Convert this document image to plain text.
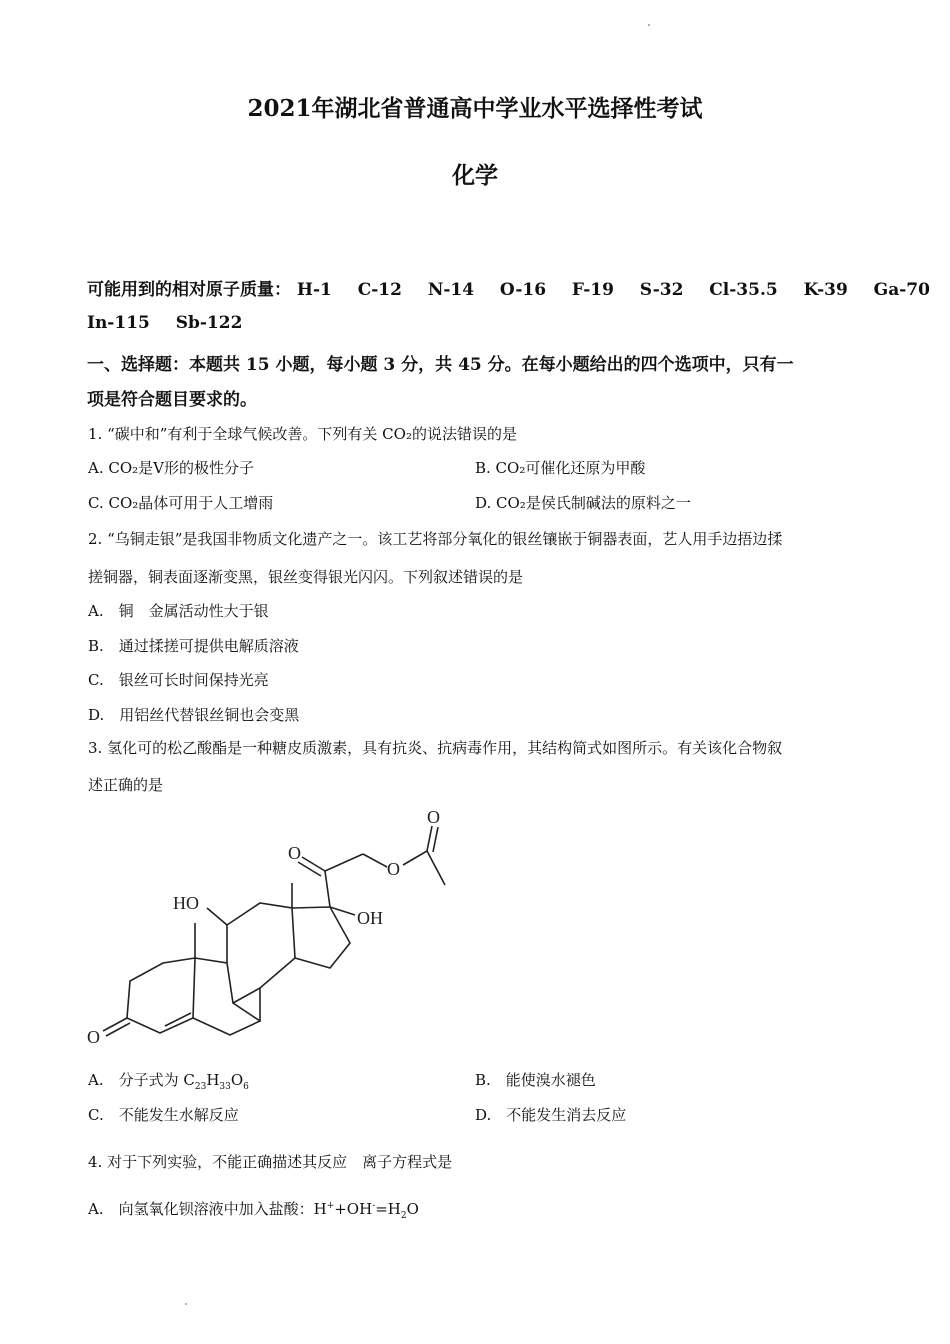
2021年湖北省普通高中学业水平选择性考试
化学
可能用到的相对原子质量： H-1 C-12 N-14 O-16 F-19 S-32 Cl-35.5 K-39 Ga-70
In-115 Sb-122
一、选择题：本题共 15 小题，每小题 3 分，共 45 分。在每小题给出的四个选项中，只有一
项是符合题目要求的。
1. “碳中和”有利于全球气候改善。下列有关 CO₂的说法错误的是
A. CO₂是Ⅴ形的极性分子	B. CO₂可催化还原为甲酸
C. CO₂晶体可用于人工增雨	D. CO₂是侯氏制碱法的原料之一
2. “乌铜走银”是我国非物质文化遗产之一。该工艺将部分氧化的银丝镶嵌于铜器表面，艺人用手边捂边揉
搓铜器，铜表面逐渐变黑，银丝变得银光闪闪。下列叙述错误的是
A.　铜　金属活动性大于银
B.　通过揉搓可提供电解质溶液
C.　银丝可长时间保持光亮
D.　用铝丝代替银丝铜也会变黑
3. 氢化可的松乙酸酯是一种糖皮质激素，具有抗炎、抗病毒作用，其结构简式如图所示。有关该化合物叙
述正确的是
O
O
O
HO
OH
O
A.　分子式为 $C_{23}H_{33}O_6$	B.　能使溴水褪色
C.　不能发生水解反应	D.　不能发生消去反应
4. 对于下列实验，不能正确描述其反应　离子方程式是
A.　向氢氧化钡溶液中加入盐酸：$H^++OH^-=H_2O$
